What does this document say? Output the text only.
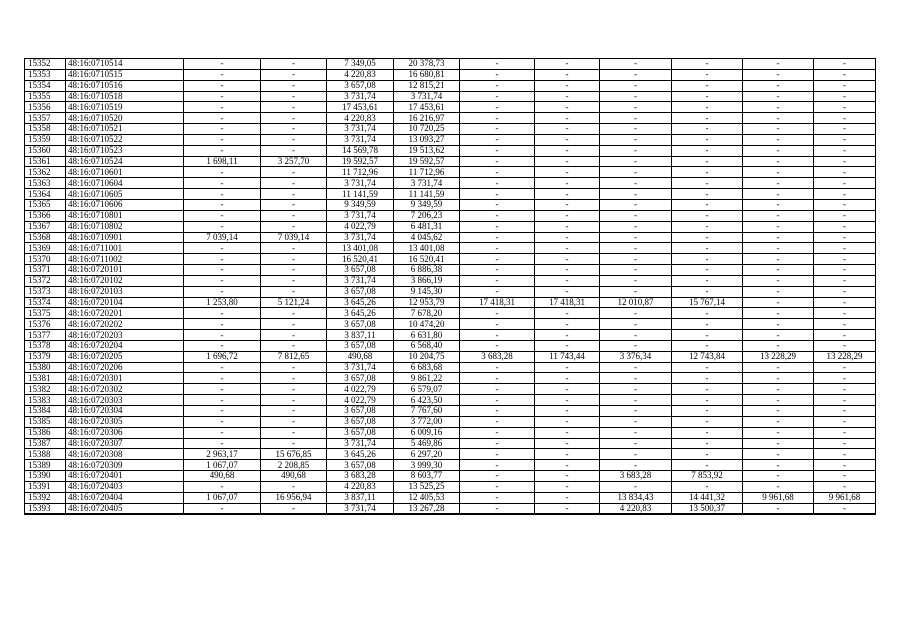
15352	48:16:0710514	-	-	7 349,05	20 378,73	-	-	-	-	-	-
15353	48:16:0710515	-	-	4 220,83	16 680,81	-	-	-	-	-	-
15354	48:16:0710516	-	-	3 657,08	12 815,21	-	-	-	-	-	-
15355	48:16:0710518	-	-	3 731,74	3 731,74	-	-	-	-	-	-
15356	48:16:0710519	-	-	17 453,61	17 453,61	-	-	-	-	-	-
15357	48:16:0710520	-	-	4 220,83	16 216,97	-	-	-	-	-	-
15358	48:16:0710521	-	-	3 731,74	10 720,25	-	-	-	-	-	-
15359	48:16:0710522	-	-	3 731,74	13 093,27	-	-	-	-	-	-
15360	48:16:0710523	-	-	14 569,78	19 513,62	-	-	-	-	-	-
15361	48:16:0710524	1 698,11	3 257,70	19 592,57	19 592,57	-	-	-	-	-	-
15362	48:16:0710601	-	-	11 712,96	11 712,96	-	-	-	-	-	-
15363	48:16:0710604	-	-	3 731,74	3 731,74	-	-	-	-	-	-
15364	48:16:0710605	-	-	11 141,59	11 141,59	-	-	-	-	-	-
15365	48:16:0710606	-	-	9 349,59	9 349,59	-	-	-	-	-	-
15366	48:16:0710801	-	-	3 731,74	7 206,23	-	-	-	-	-	-
15367	48:16:0710802	-	-	4 022,79	6 481,31	-	-	-	-	-	-
15368	48:16:0710901	7 039,14	7 039,14	3 731,74	4 045,62	-	-	-	-	-	-
15369	48:16:0711001	-	-	13 401,08	13 401,08	-	-	-	-	-	-
15370	48:16:0711002	-	-	16 520,41	16 520,41	-	-	-	-	-	-
15371	48:16:0720101	-	-	3 657,08	6 886,38	-	-	-	-	-	-
15372	48:16:0720102	-	-	3 731,74	3 866,19	-	-	-	-	-	-
15373	48:16:0720103	-	-	3 657,08	9 145,30	-	-	-	-	-	-
15374	48:16:0720104	1 253,80	5 121,24	3 645,26	12 953,79	17 418,31	17 418,31	12 010,87	15 767,14	-	-
15375	48:16:0720201	-	-	3 645,26	7 678,20	-	-	-	-	-	-
15376	48:16:0720202	-	-	3 657,08	10 474,20	-	-	-	-	-	-
15377	48:16:0720203	-	-	3 837,11	6 631,80	-	-	-	-	-	-
15378	48:16:0720204	-	-	3 657,08	6 568,40	-	-	-	-	-	-
15379	48:16:0720205	1 696,72	7 812,65	490,68	10 204,75	3 683,28	11 743,44	3 376,34	12 743,84	13 228,29	13 228,29
15380	48:16:0720206	-	-	3 731,74	6 683,68	-	-	-	-	-	-
15381	48:16:0720301	-	-	3 657,08	9 861,22	-	-	-	-	-	-
15382	48:16:0720302	-	-	4 022,79	6 579,07	-	-	-	-	-	-
15383	48:16:0720303	-	-	4 022,79	6 423,50	-	-	-	-	-	-
15384	48:16:0720304	-	-	3 657,08	7 767,60	-	-	-	-	-	-
15385	48:16:0720305	-	-	3 657,08	3 772,00	-	-	-	-	-	-
15386	48:16:0720306	-	-	3 657,08	6 009,16	-	-	-	-	-	-
15387	48:16:0720307	-	-	3 731,74	5 469,86	-	-	-	-	-	-
15388	48:16:0720308	2 963,17	15 676,85	3 645,26	6 297,20	-	-	-	-	-	-
15389	48:16:0720309	1 067,07	2 208,85	3 657,08	3 999,30	-	-	-	-	-	-
15390	48:16:0720401	490,68	490,68	3 683,28	8 603,77	-	-	3 683,28	7 853,92	-	-
15391	48:16:0720403	-	-	4 220,83	13 525,25	-	-	-	-	-	-
15392	48:16:0720404	1 067,07	16 956,94	3 837,11	12 405,53	-	-	13 834,43	14 441,32	9 961,68	9 961,68
15393	48:16:0720405	-	-	3 731,74	13 267,28	-	-	4 220,83	13 500,37	-	-
